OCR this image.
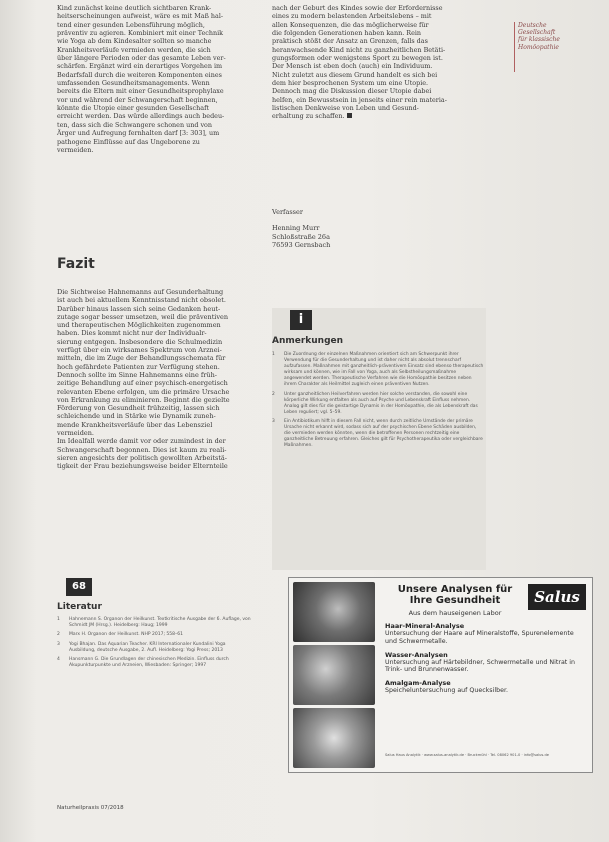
Deutsche
Gesellschaft
für klassische
Homöopathie

Kind zunächst keine deutlich sichtbaren Krank-

heitserscheinungen aufweist, wäre es mit Maß hal-

tend einer gesunden Lebensführung möglich,

präventiv zu agieren. Kombiniert mit einer Technik

wie Yoga ab dem Kindesalter sollten so manche

Krankheitsverläufe vermieden werden, die sich

über längere Perioden oder das gesamte Leben ver-

schärfen. Ergänzt wird ein derartiges Vorgehen im

Bedarfsfall durch die weiteren Komponenten eines

umfassenden Gesundheitsmanagements. Wenn

bereits die Eltern mit einer Gesundheitsprophylaxe

vor und während der Schwangerschaft beginnen,

könnte die Utopie einer gesunden Gesellschaft

erreicht werden. Das würde allerdings auch bedeu-

ten, dass sich die Schwangere schonen und von

Ärger und Aufregung fernhalten darf [3: 303], um

pathogene Einflüsse auf das Ungeborene zu

vermeiden.

nach der Geburt des Kindes sowie der Erfordernisse

eines zu modern belastenden Arbeitslebens – mit

allen Konsequenzen, die das möglicherweise für

die folgenden Generationen haben kann. Rein

praktisch stößt der Ansatz an Grenzen, falls das

heranwachsende Kind nicht zu ganzheitlichen Betäti-

gungsformen oder wenigstens Sport zu bewegen ist.

Der Mensch ist eben doch (auch) ein Individuum.

Nicht zuletzt aus diesem Grund handelt es sich bei

dem hier besprochenen System um eine Utopie.

Dennoch mag die Diskussion dieser Utopie dabei

helfen, ein Bewusstsein in jenseits einer rein materia-

listischen Denkweise von Leben und Gesund-

erhaltung zu schaffen.

Verfasser
Henning Murr
Schloßstraße 26a
76593 Gernsbach
Fazit

Die Sichtweise Hahnemanns auf Gesunderhaltung

ist auch bei aktuellem Kenntnisstand nicht obsolet.

Darüber hinaus lassen sich seine Gedanken heut-

zutage sogar besser umsetzen, weil die präventiven

und therapeutischen Möglichkeiten zugenommen

haben. Dies kommt nicht nur der Individualr-

sierung entgegen. Insbesondere die Schulmedizin

verfügt über ein wirksames Spektrum von Arznei-

mitteln, die im Zuge der Behandlungsschemata für

hoch gefährdete Patienten zur Verfügung stehen.

Dennoch sollte im Sinne Hahnemanns eine früh-

zeitige Behandlung auf einer psychisch-energetisch

relevanten Ebene erfolgen, um die primäre Ursache

von Erkrankung zu eliminieren. Beginnt die gezielte

Förderung von Gesundheit frühzeitig, lassen sich

schleichende und in Stärke wie Dynamik zuneh-

mende Krankheitsverläufe über das Lebensziel

vermeiden.

Im Idealfall werde damit vor oder zumindest in der

Schwangerschaft begonnen. Dies ist kaum zu reali-

sieren angesichts der politisch gewollten Arbeitstä-

tigkeit der Frau beziehungsweise beider Elternteile

i
Anmerkungen
1	Die Zuordnung der einzelnen Maßnahmen orientiert sich am Schwerpunkt ihrer Verwendung für die Gesunderhaltung und ist daher nicht als absolut trennscharf aufzufassen. Maßnahmen mit ganzheitlich-präventivem Einsatz sind ebenso therapeutisch wirksam und können, wie im Fall von Yoga, auch als Selbstheilungsmaßnahme angewendet werden. Therapeutische Verfahren wie die Homöopathie besitzen neben ihrem Charakter als Heilmittel zugleich einen präventiven Nutzen.
2	Unter ganzheitlichen Heilverfahren werden hier solche verstanden, die sowohl eine körperliche Wirkung entfalten als auch auf Psyche und Lebenskraft Einfluss nehmen. Analog gilt dies für die geistartige Dynamis in der Homöopathie, die als Lebenskraft das Leben reguliert; vgl. 5–59.
3	Ein Antibiotikum hilft in diesem Fall nicht, wenn durch zeitliche Umstände der primäre Ursache nicht erkannt wird, sodass sich auf der psychischen Ebene Schäden ausbilden, die vermieden werden könnten, wenn die betroffenen Personen rechtzeitig eine ganzheitliche Betreuung erfahren. Gleiches gilt für Psychotherapeutika oder vergleichbare Maßnahmen.
68
Literatur
1	Hahnemann S. Organon der Heilkunst. Textkritische Ausgabe der 6. Auflage, von Schmidt JM (Hrsg.). Heidelberg: Haug; 1999
2	Marx H. Organon der Heilkunst. NHP 2017; 558–61
3	Yogi Bhajan. Das Aquarian Teacher. KRI Internationaler Kundalini Yoga Ausbildung, deutsche Ausgabe, 2. Aufl. Heidelberg: Yogi Press; 2013
4	Hansmann G. Die Grundlagen der chinesischen Medizin. Einfluss durch Akupunkturpunkte und Arzneien, Wiesbaden: Springer; 1997
Naturheilpraxis 07/2018
Salus
Unsere Analysen für Ihre Gesundheit
Aus dem hauseigenen Labor
Haar-Mineral-Analyse
Untersuchung der Haare auf Mineralstoffe, Spurenelemente und Schwermetalle.
Wasser-Analysen
Untersuchung auf Härtebildner, Schwermetalle und Nitrat in Trink- und Brunnenwasser.
Amalgam-Analyse
Speicheluntersuchung auf Quecksilber.
Salus Haus Analytik · www.salus-analytik.de · Bruckmühl · Tel. 08062 901-0 · info@salus.de
